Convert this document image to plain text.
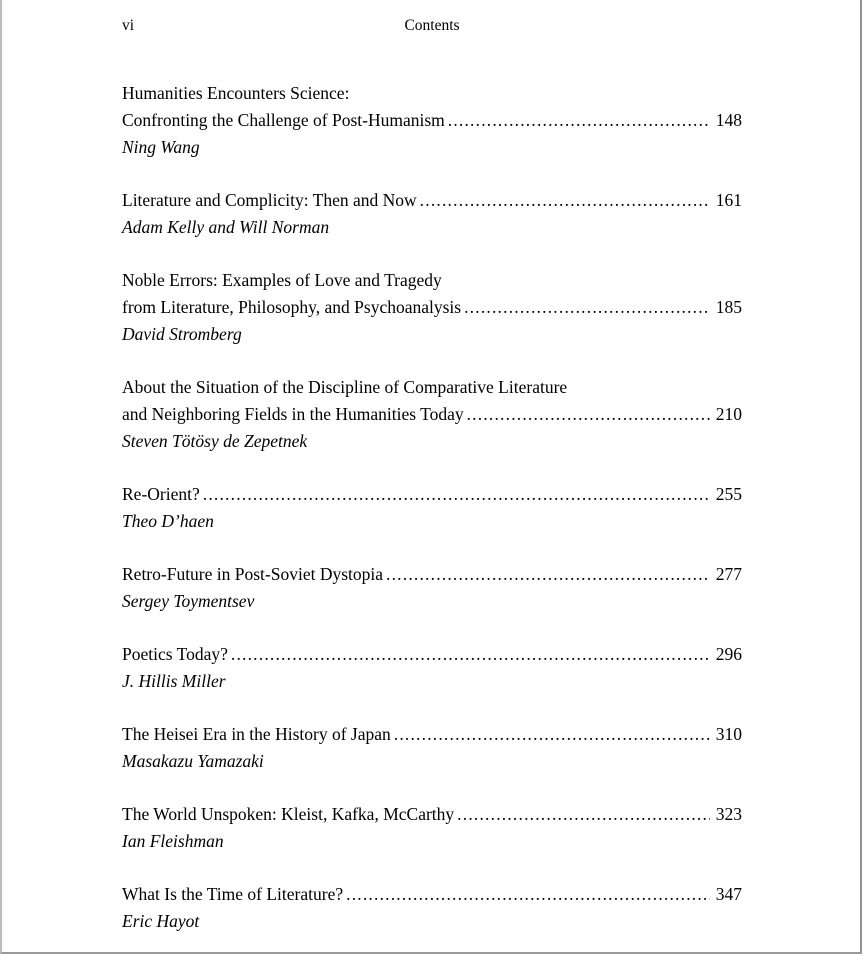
vi	Contents
Humanities Encounters Science:
Confronting the Challenge of Post-Humanism .....	148
Ning Wang
Literature and Complicity: Then and Now .....	161
Adam Kelly and Will Norman
Noble Errors: Examples of Love and Tragedy
from Literature, Philosophy, and Psychoanalysis .....	185
David Stromberg
About the Situation of the Discipline of Comparative Literature
and Neighboring Fields in the Humanities Today .....	210
Steven Tötösy de Zepetnek
Re-Orient? .....	255
Theo D’haen
Retro-Future in Post-Soviet Dystopia .....	277
Sergey Toymentsev
Poetics Today? .....	296
J. Hillis Miller
The Heisei Era in the History of Japan .....	310
Masakazu Yamazaki
The World Unspoken: Kleist, Kafka, McCarthy .....	323
Ian Fleishman
What Is the Time of Literature? .....	347
Eric Hayot
